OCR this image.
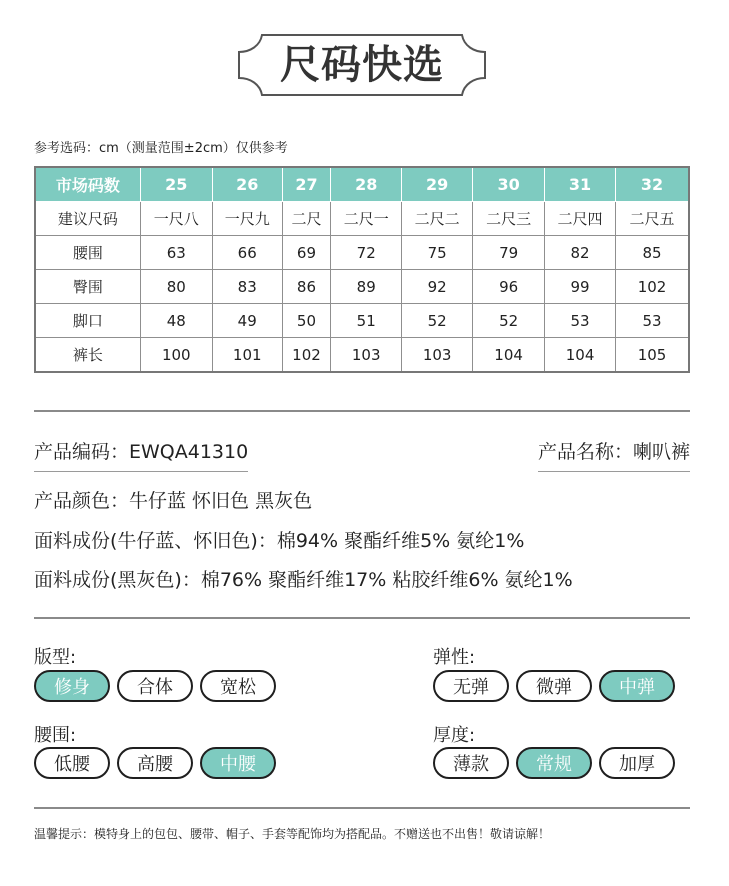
尺码快选
参考选码：cm（测量范围±2cm）仅供参考
市场码数	25	26	27	28	29	30	31	32
建议尺码	一尺八	一尺九	二尺	二尺一	二尺二	二尺三	二尺四	二尺五
腰围	63	66	69	72	75	79	82	85
臀围	80	83	86	89	92	96	99	102
脚口	48	49	50	51	52	52	53	53
裤长	100	101	102	103	103	104	104	105
产品编码：EWQA41310	产品名称：喇叭裤
产品颜色：牛仔蓝 怀旧色 黑灰色
面料成份(牛仔蓝、怀旧色)：棉94% 聚酯纤维5% 氨纶1%
面料成份(黑灰色)：棉76% 聚酯纤维17% 粘胶纤维6% 氨纶1%
版型:
修身	合体	宽松
弹性:
无弹	微弹	中弹
腰围:
低腰	高腰	中腰
厚度:
薄款	常规	加厚
温馨提示：模特身上的包包、腰带、帽子、手套等配饰均为搭配品。不赠送也不出售！敬请谅解！
